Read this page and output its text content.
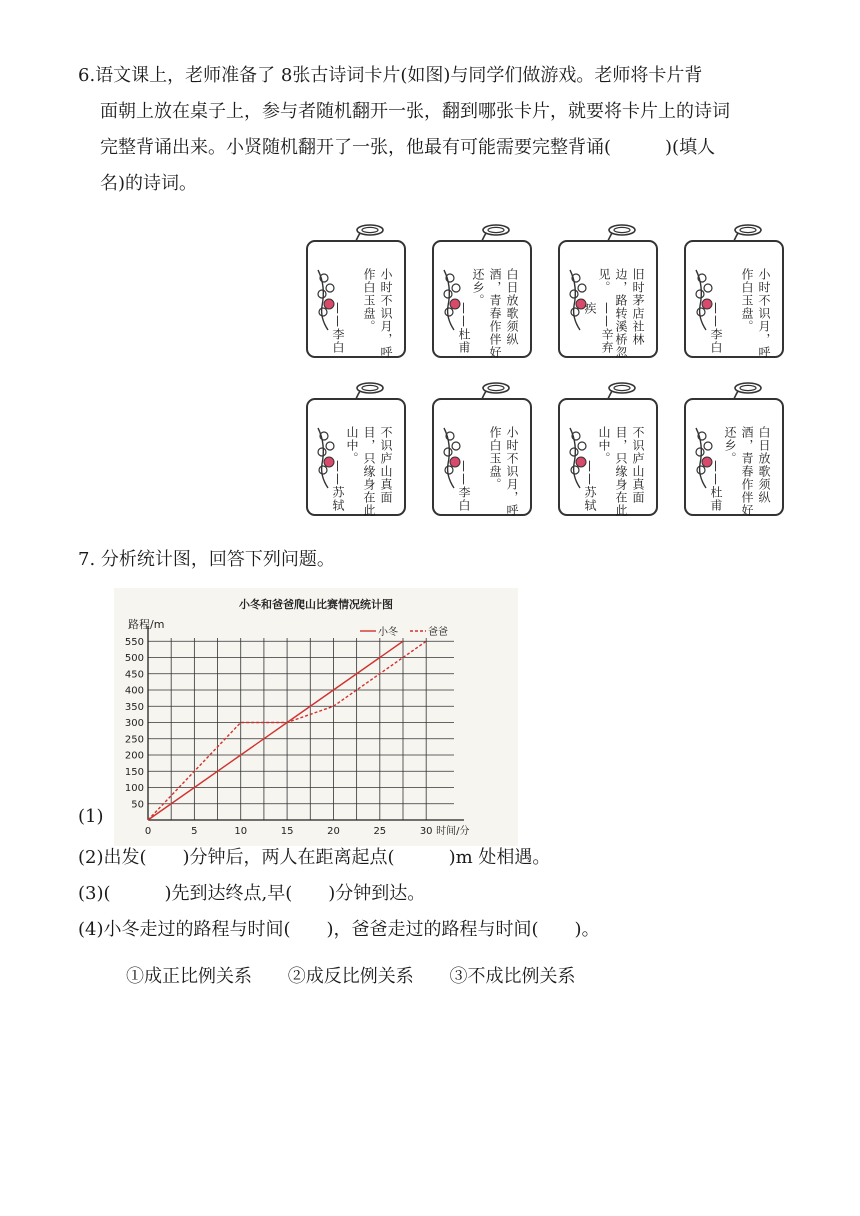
6.语文课上，老师准备了 8张古诗词卡片(如图)与同学们做游戏。老师将卡片背
面朝上放在桌子上，参与者随机翻开一张，翻到哪张卡片，就要将卡片上的诗词
完整背诵出来。小贤随机翻开了一张，他最有可能需要完整背诵(　　　)(填人
名)的诗词。
小时不识月，呼作白玉盘。
——李白	白日放歌须纵酒，青春作伴好还乡。
——杜甫	旧时茅店社林边，路转溪桥忽见。
——辛弃疾	小时不识月，呼作白玉盘。
——李白
不识庐山真面目，只缘身在此山中。
——苏轼	小时不识月，呼作白玉盘。
——李白	不识庐山真面目，只缘身在此山中。
——苏轼	白日放歌须纵酒，青春作伴好还乡。
——杜甫
7. 分析统计图，回答下列问题。
小冬和爸爸爬山比赛情况统计图
路程/m
50
100
150
200
250
300
350
400
450
500
550
0	5	10	15	20	25	30 时间/分
小冬	爸爸
(1)
(2)出发(　　)分钟后，两人在距离起点(　　　)m 处相遇。
(3)(　　　)先到达终点,早(　　)分钟到达。
(4)小冬走过的路程与时间(　　)，爸爸走过的路程与时间(　　)。
①成正比例关系 ②成反比例关系 ③不成比例关系
